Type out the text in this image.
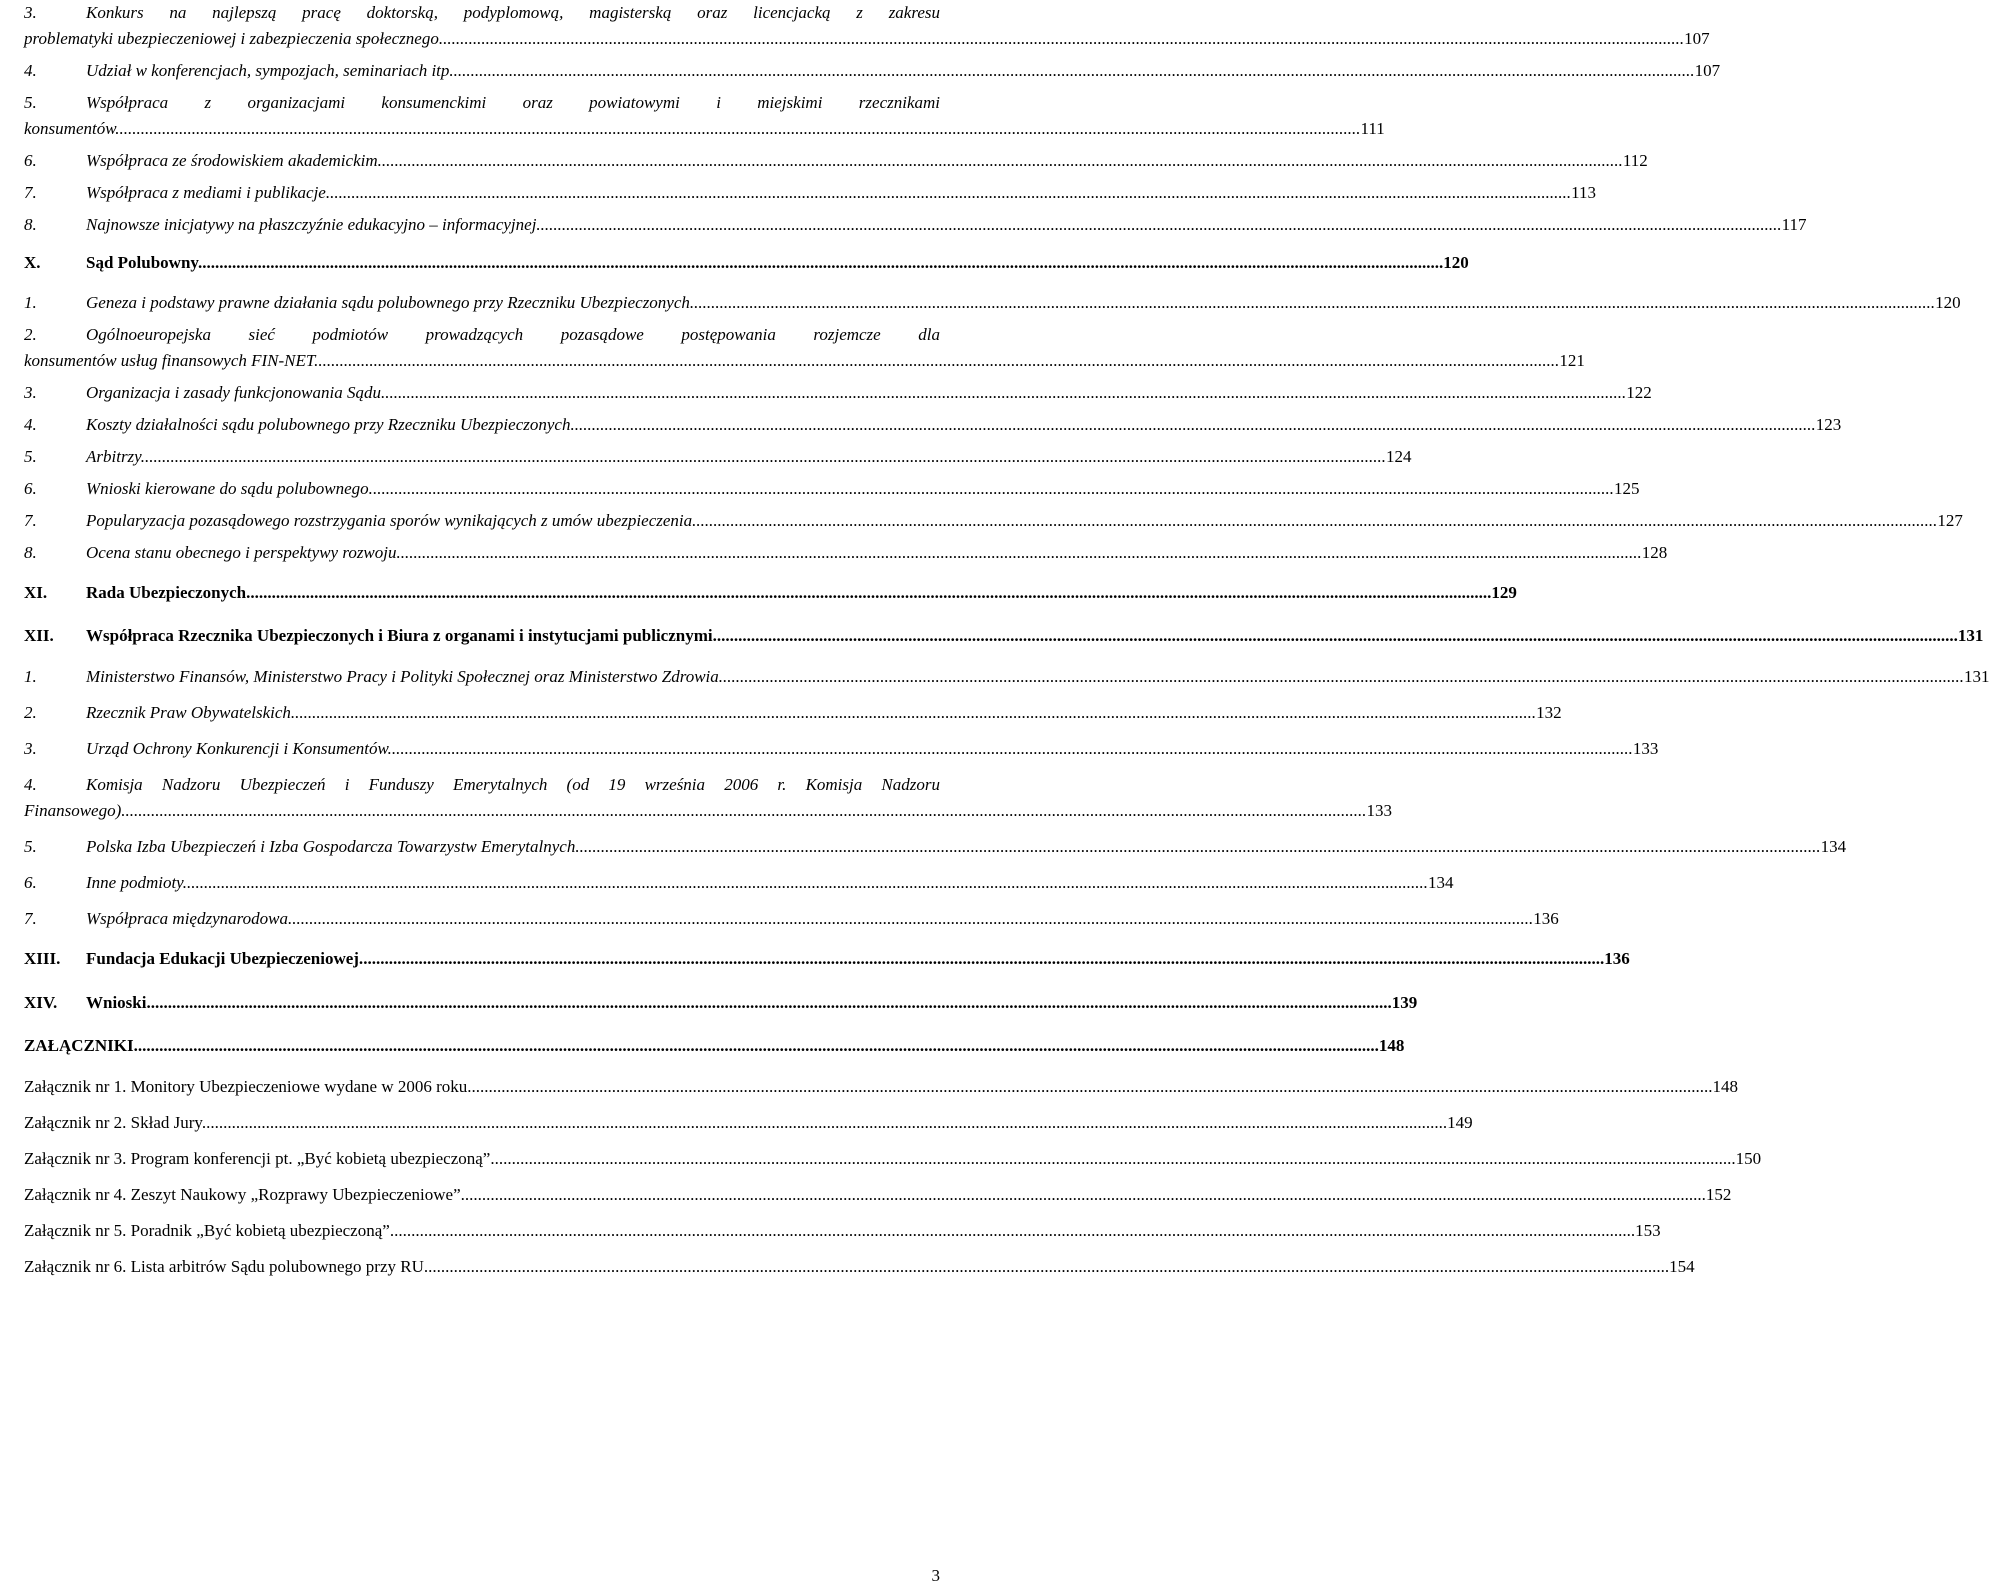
3.	Konkurs na najlepszą pracę doktorską, podyplomową, magisterską oraz licencjacką z zakresu
problematyki ubezpieczeniowej i zabezpieczenia społecznego. .....	107
4.	Udział w konferencjach, sympozjach, seminariach itp. .....	107
5.	Współpraca z organizacjami konsumenckimi oraz powiatowymi i miejskimi rzecznikami
konsumentów. .....	111
6.	Współpraca ze środowiskiem akademickim. .....	112
7.	Współpraca z mediami i publikacje. .....	113
8.	Najnowsze inicjatywy na płaszczyźnie edukacyjno – informacyjnej. .....	117
X.	Sąd Polubowny. .....	120
1.	Geneza i podstawy prawne działania sądu polubownego przy Rzeczniku Ubezpieczonych. .....	120
2.	Ogólnoeuropejska sieć podmiotów prowadzących pozasądowe postępowania rozjemcze dla
konsumentów usług finansowych FIN-NET. .....	121
3.	Organizacja i zasady funkcjonowania Sądu. .....	122
4.	Koszty działalności sądu polubownego przy Rzeczniku Ubezpieczonych. .....	123
5.	Arbitrzy. .....	124
6.	Wnioski kierowane do sądu polubownego. .....	125
7.	Popularyzacja pozasądowego rozstrzygania sporów wynikających z umów ubezpieczenia. .....	127
8.	Ocena stanu obecnego i perspektywy rozwoju. .....	128
XI.	Rada Ubezpieczonych. .....	129
XII.	Współpraca Rzecznika Ubezpieczonych i Biura z organami i instytucjami publicznymi. .....	131
1.	Ministerstwo Finansów, Ministerstwo Pracy i Polityki Społecznej oraz Ministerstwo Zdrowia. .....	131
2.	Rzecznik Praw Obywatelskich. .....	132
3.	Urząd Ochrony Konkurencji i Konsumentów. .....	133
4.	Komisja Nadzoru Ubezpieczeń i Funduszy Emerytalnych (od 19 września 2006 r. Komisja Nadzoru
Finansowego). .....	133
5.	Polska Izba Ubezpieczeń i Izba Gospodarcza Towarzystw Emerytalnych. .....	134
6.	Inne podmioty. .....	134
7.	Współpraca międzynarodowa. .....	136
XIII.	Fundacja Edukacji Ubezpieczeniowej. .....	136
XIV.	Wnioski. .....	139
ZAŁĄCZNIKI. .....	148
Załącznik nr 1. Monitory Ubezpieczeniowe wydane w 2006 roku. .....	148
Załącznik nr 2. Skład Jury. .....	149
Załącznik nr 3. Program konferencji pt. „Być kobietą ubezpieczoną”. .....	150
Załącznik nr 4. Zeszyt Naukowy „Rozprawy Ubezpieczeniowe”. .....	152
Załącznik nr 5. Poradnik „Być kobietą ubezpieczoną”. .....	153
Załącznik nr 6. Lista arbitrów Sądu polubownego przy RU. .....	154
3
